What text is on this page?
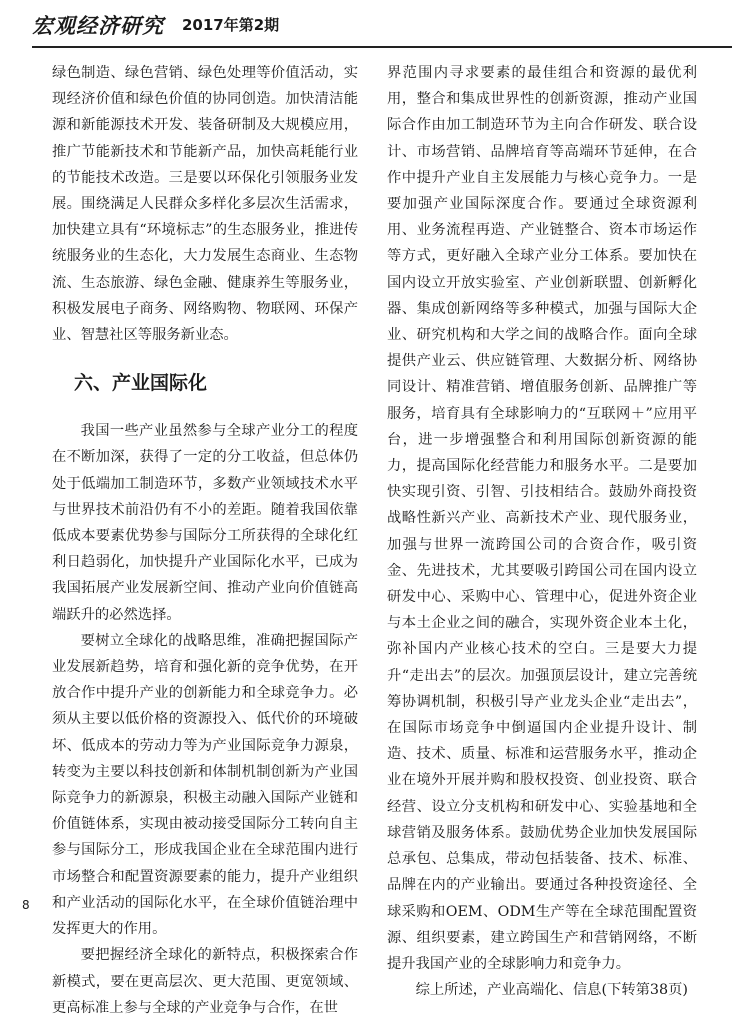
宏观经济研究 2017年第2期

绿色制造、绿色营销、绿色处理等价值活动，实现经济价值和绿色价值的协同创造。加快清洁能源和新能源技术开发、装备研制及大规模应用，推广节能新技术和节能新产品，加快高耗能行业的节能技术改造。三是要以环保化引领服务业发展。围绕满足人民群众多样化多层次生活需求，加快建立具有“环境标志”的生态服务业，推进传统服务业的生态化，大力发展生态商业、生态物流、生态旅游、绿色金融、健康养生等服务业，积极发展电子商务、网络购物、物联网、环保产业、智慧社区等服务新业态。

六、产业国际化

我国一些产业虽然参与全球产业分工的程度在不断加深，获得了一定的分工收益，但总体仍处于低端加工制造环节，多数产业领域技术水平与世界技术前沿仍有不小的差距。随着我国依靠低成本要素优势参与国际分工所获得的全球化红利日趋弱化，加快提升产业国际化水平，已成为我国拓展产业发展新空间、推动产业向价值链高端跃升的必然选择。

要树立全球化的战略思维，准确把握国际产业发展新趋势，培育和强化新的竞争优势，在开放合作中提升产业的创新能力和全球竞争力。必须从主要以低价格的资源投入、低代价的环境破坏、低成本的劳动力等为产业国际竞争力源泉，转变为主要以科技创新和体制机制创新为产业国际竞争力的新源泉，积极主动融入国际产业链和价值链体系，实现由被动接受国际分工转向自主参与国际分工，形成我国企业在全球范围内进行市场整合和配置资源要素的能力，提升产业组织和产业活动的国际化水平，在全球价值链治理中发挥更大的作用。

要把握经济全球化的新特点，积极探索合作新模式，要在更高层次、更大范围、更宽领域、更高标准上参与全球的产业竞争与合作，在世

界范围内寻求要素的最佳组合和资源的最优利用，整合和集成世界性的创新资源，推动产业国际合作由加工制造环节为主向合作研发、联合设计、市场营销、品牌培育等高端环节延伸，在合作中提升产业自主发展能力与核心竞争力。一是要加强产业国际深度合作。要通过全球资源利用、业务流程再造、产业链整合、资本市场运作等方式，更好融入全球产业分工体系。要加快在国内设立开放实验室、产业创新联盟、创新孵化器、集成创新网络等多种模式，加强与国际大企业、研究机构和大学之间的战略合作。面向全球提供产业云、供应链管理、大数据分析、网络协同设计、精准营销、增值服务创新、品牌推广等服务，培育具有全球影响力的“互联网＋”应用平台，进一步增强整合和利用国际创新资源的能力，提高国际化经营能力和服务水平。二是要加快实现引资、引智、引技相结合。鼓励外商投资战略性新兴产业、高新技术产业、现代服务业，加强与世界一流跨国公司的合资合作，吸引资金、先进技术，尤其要吸引跨国公司在国内设立研发中心、采购中心、管理中心，促进外资企业与本土企业之间的融合，实现外资企业本土化，弥补国内产业核心技术的空白。三是要大力提升“走出去”的层次。加强顶层设计，建立完善统筹协调机制，积极引导产业龙头企业“走出去”，在国际市场竞争中倒逼国内企业提升设计、制造、技术、质量、标准和运营服务水平，推动企业在境外开展并购和股权投资、创业投资、联合经营、设立分支机构和研发中心、实验基地和全球营销及服务体系。鼓励优势企业加快发展国际总承包、总集成，带动包括装备、技术、标准、品牌在内的产业输出。要通过各种投资途径、全球采购和OEM、ODM生产等在全球范围配置资源、组织要素，建立跨国生产和营销网络，不断提升我国产业的全球影响力和竞争力。

综上所述，产业高端化、信息(下转第38页)

8
